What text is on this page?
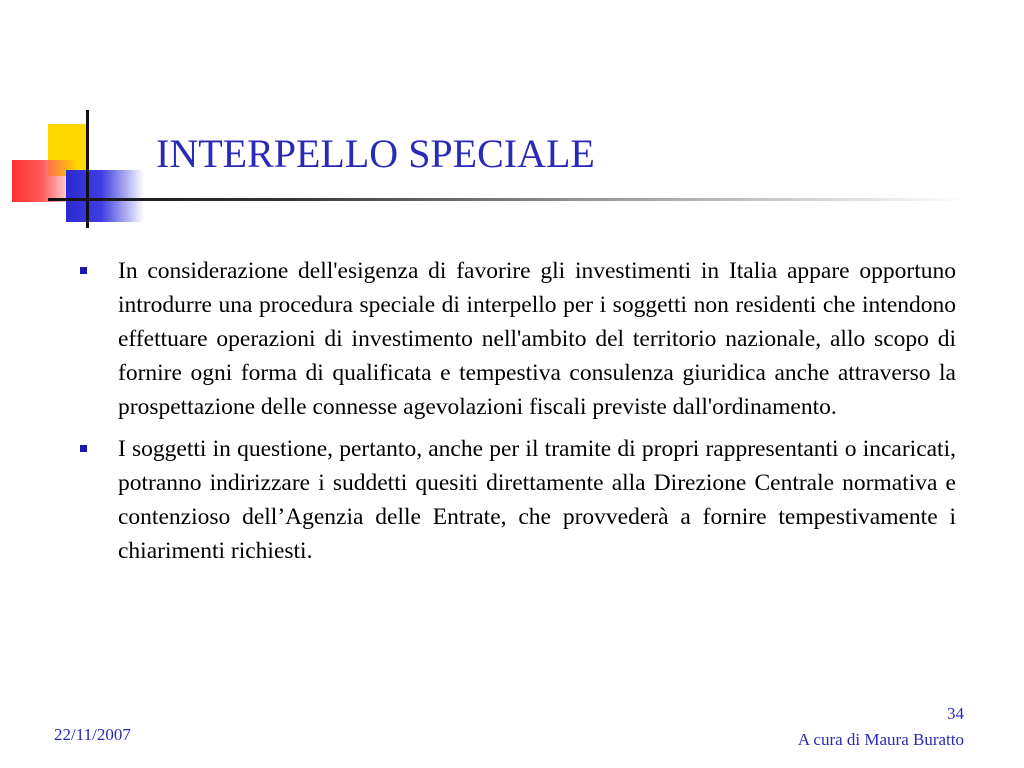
INTERPELLO SPECIALE
In considerazione dell'esigenza di favorire gli investimenti in Italia appare opportuno introdurre una procedura speciale di interpello per i soggetti non residenti che intendono effettuare operazioni di investimento nell'ambito del territorio nazionale, allo scopo di fornire ogni forma di qualificata e tempestiva consulenza giuridica anche attraverso la prospettazione delle connesse agevolazioni fiscali previste dall'ordinamento.
I soggetti in questione, pertanto, anche per il tramite di propri rappresentanti o incaricati, potranno indirizzare i suddetti quesiti direttamente alla Direzione Centrale normativa e contenzioso dell’Agenzia delle Entrate, che provvederà a fornire tempestivamente i chiarimenti richiesti.
22/11/2007
34
A cura di Maura Buratto
